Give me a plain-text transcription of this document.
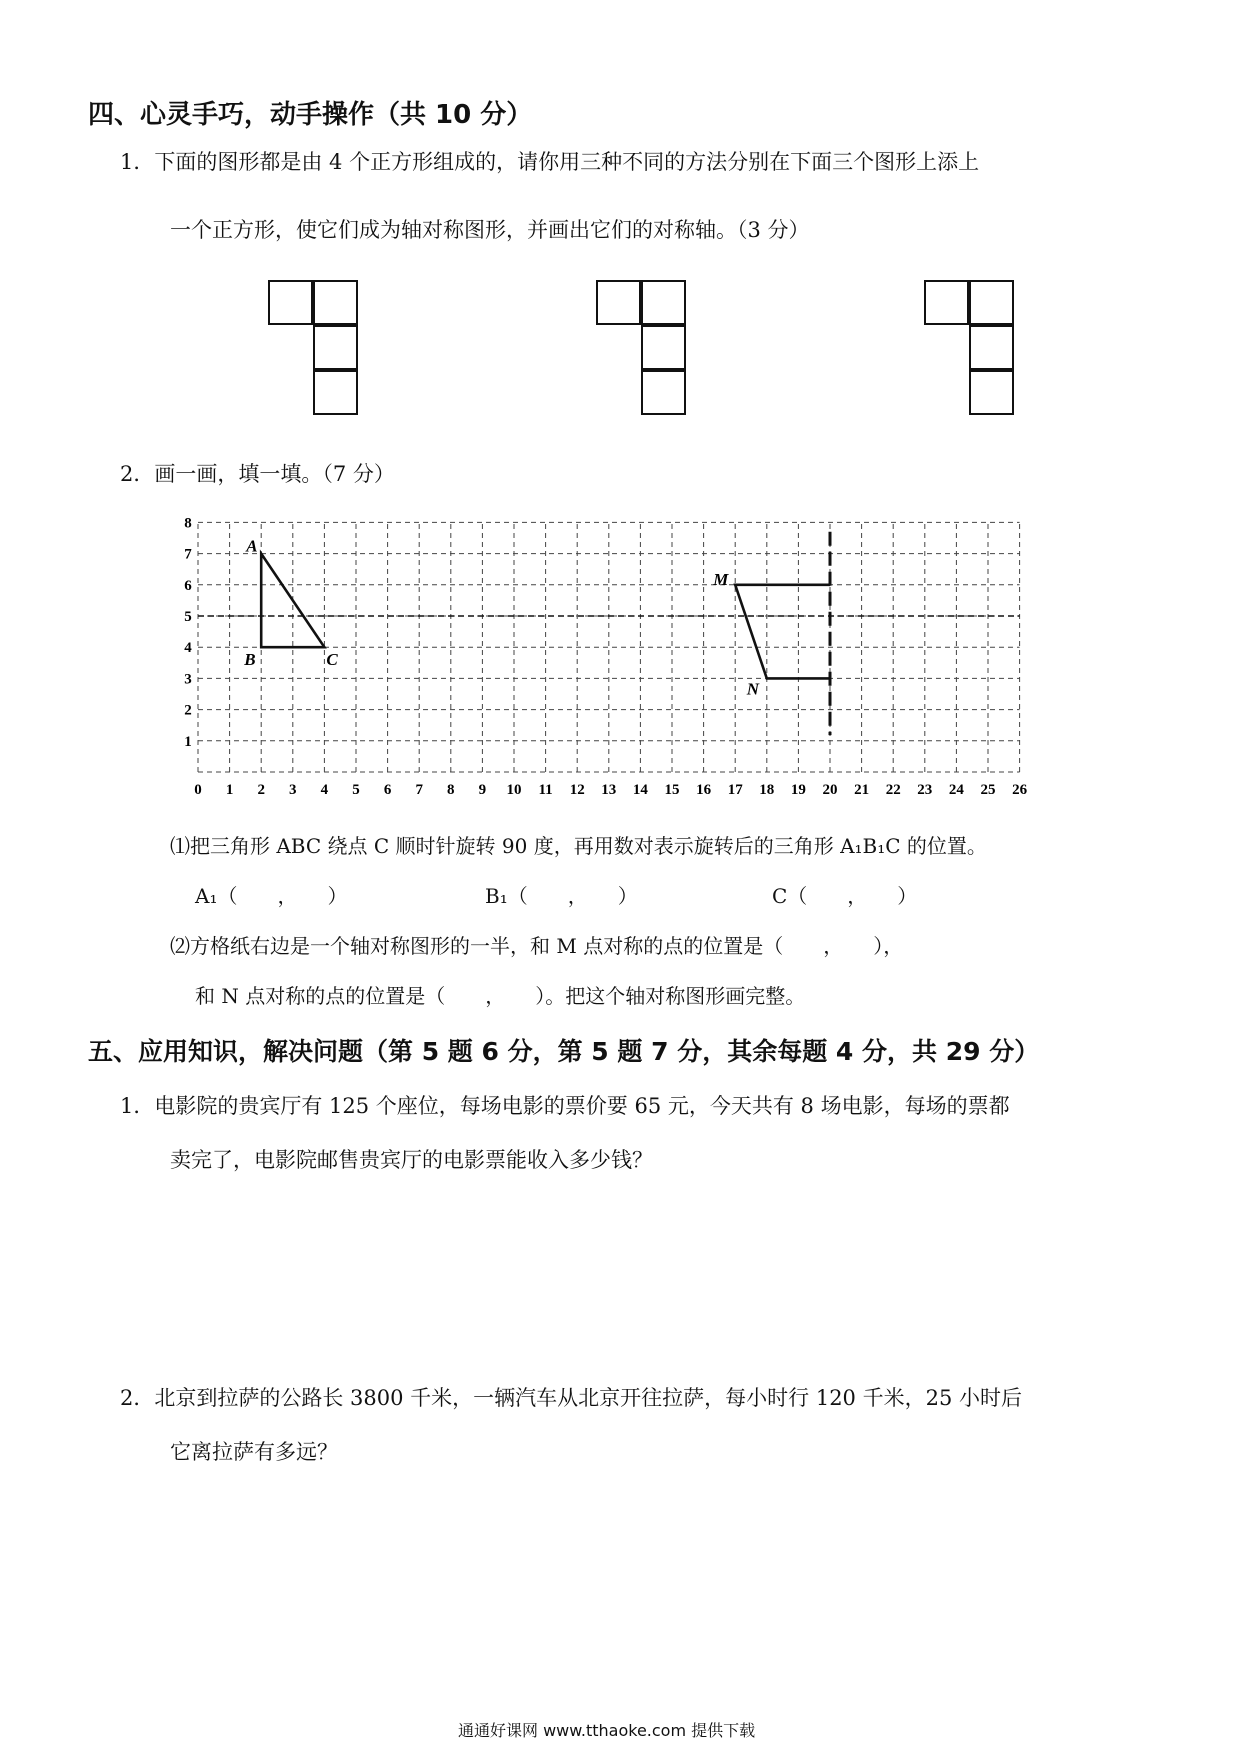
四、心灵手巧，动手操作（共 10 分）
1．下面的图形都是由 4 个正方形组成的，请你用三种不同的方法分别在下面三个图形上添上
一个正方形，使它们成为轴对称图形，并画出它们的对称轴。（3 分）
2．画一画，填一填。（7 分）
0 1 2 3 4 5 6 7 8 9 10 11 12 13 14 15 16 17 18 19 20 21 22 23 24 25 26
1
2
3
4
5
6
7
8
A
B	C
M
N
⑴把三角形 ABC 绕点 C 顺时针旋转 90 度，再用数对表示旋转后的三角形 A₁B₁C 的位置。
A₁（　　，　　）	B₁（　　，　　）	C（　　，　　）
⑵方格纸右边是一个轴对称图形的一半，和 M 点对称的点的位置是（　　，　　），
和 N 点对称的点的位置是（　　，　　）。把这个轴对称图形画完整。
五、应用知识，解决问题（第 5 题 6 分，第 5 题 7 分，其余每题 4 分，共 29 分）
1．电影院的贵宾厅有 125 个座位，每场电影的票价要 65 元，今天共有 8 场电影，每场的票都
卖完了，电影院邮售贵宾厅的电影票能收入多少钱？
2．北京到拉萨的公路长 3800 千米，一辆汽车从北京开往拉萨，每小时行 120 千米，25 小时后
它离拉萨有多远？
通通好课网 www.tthaoke.com 提供下载
